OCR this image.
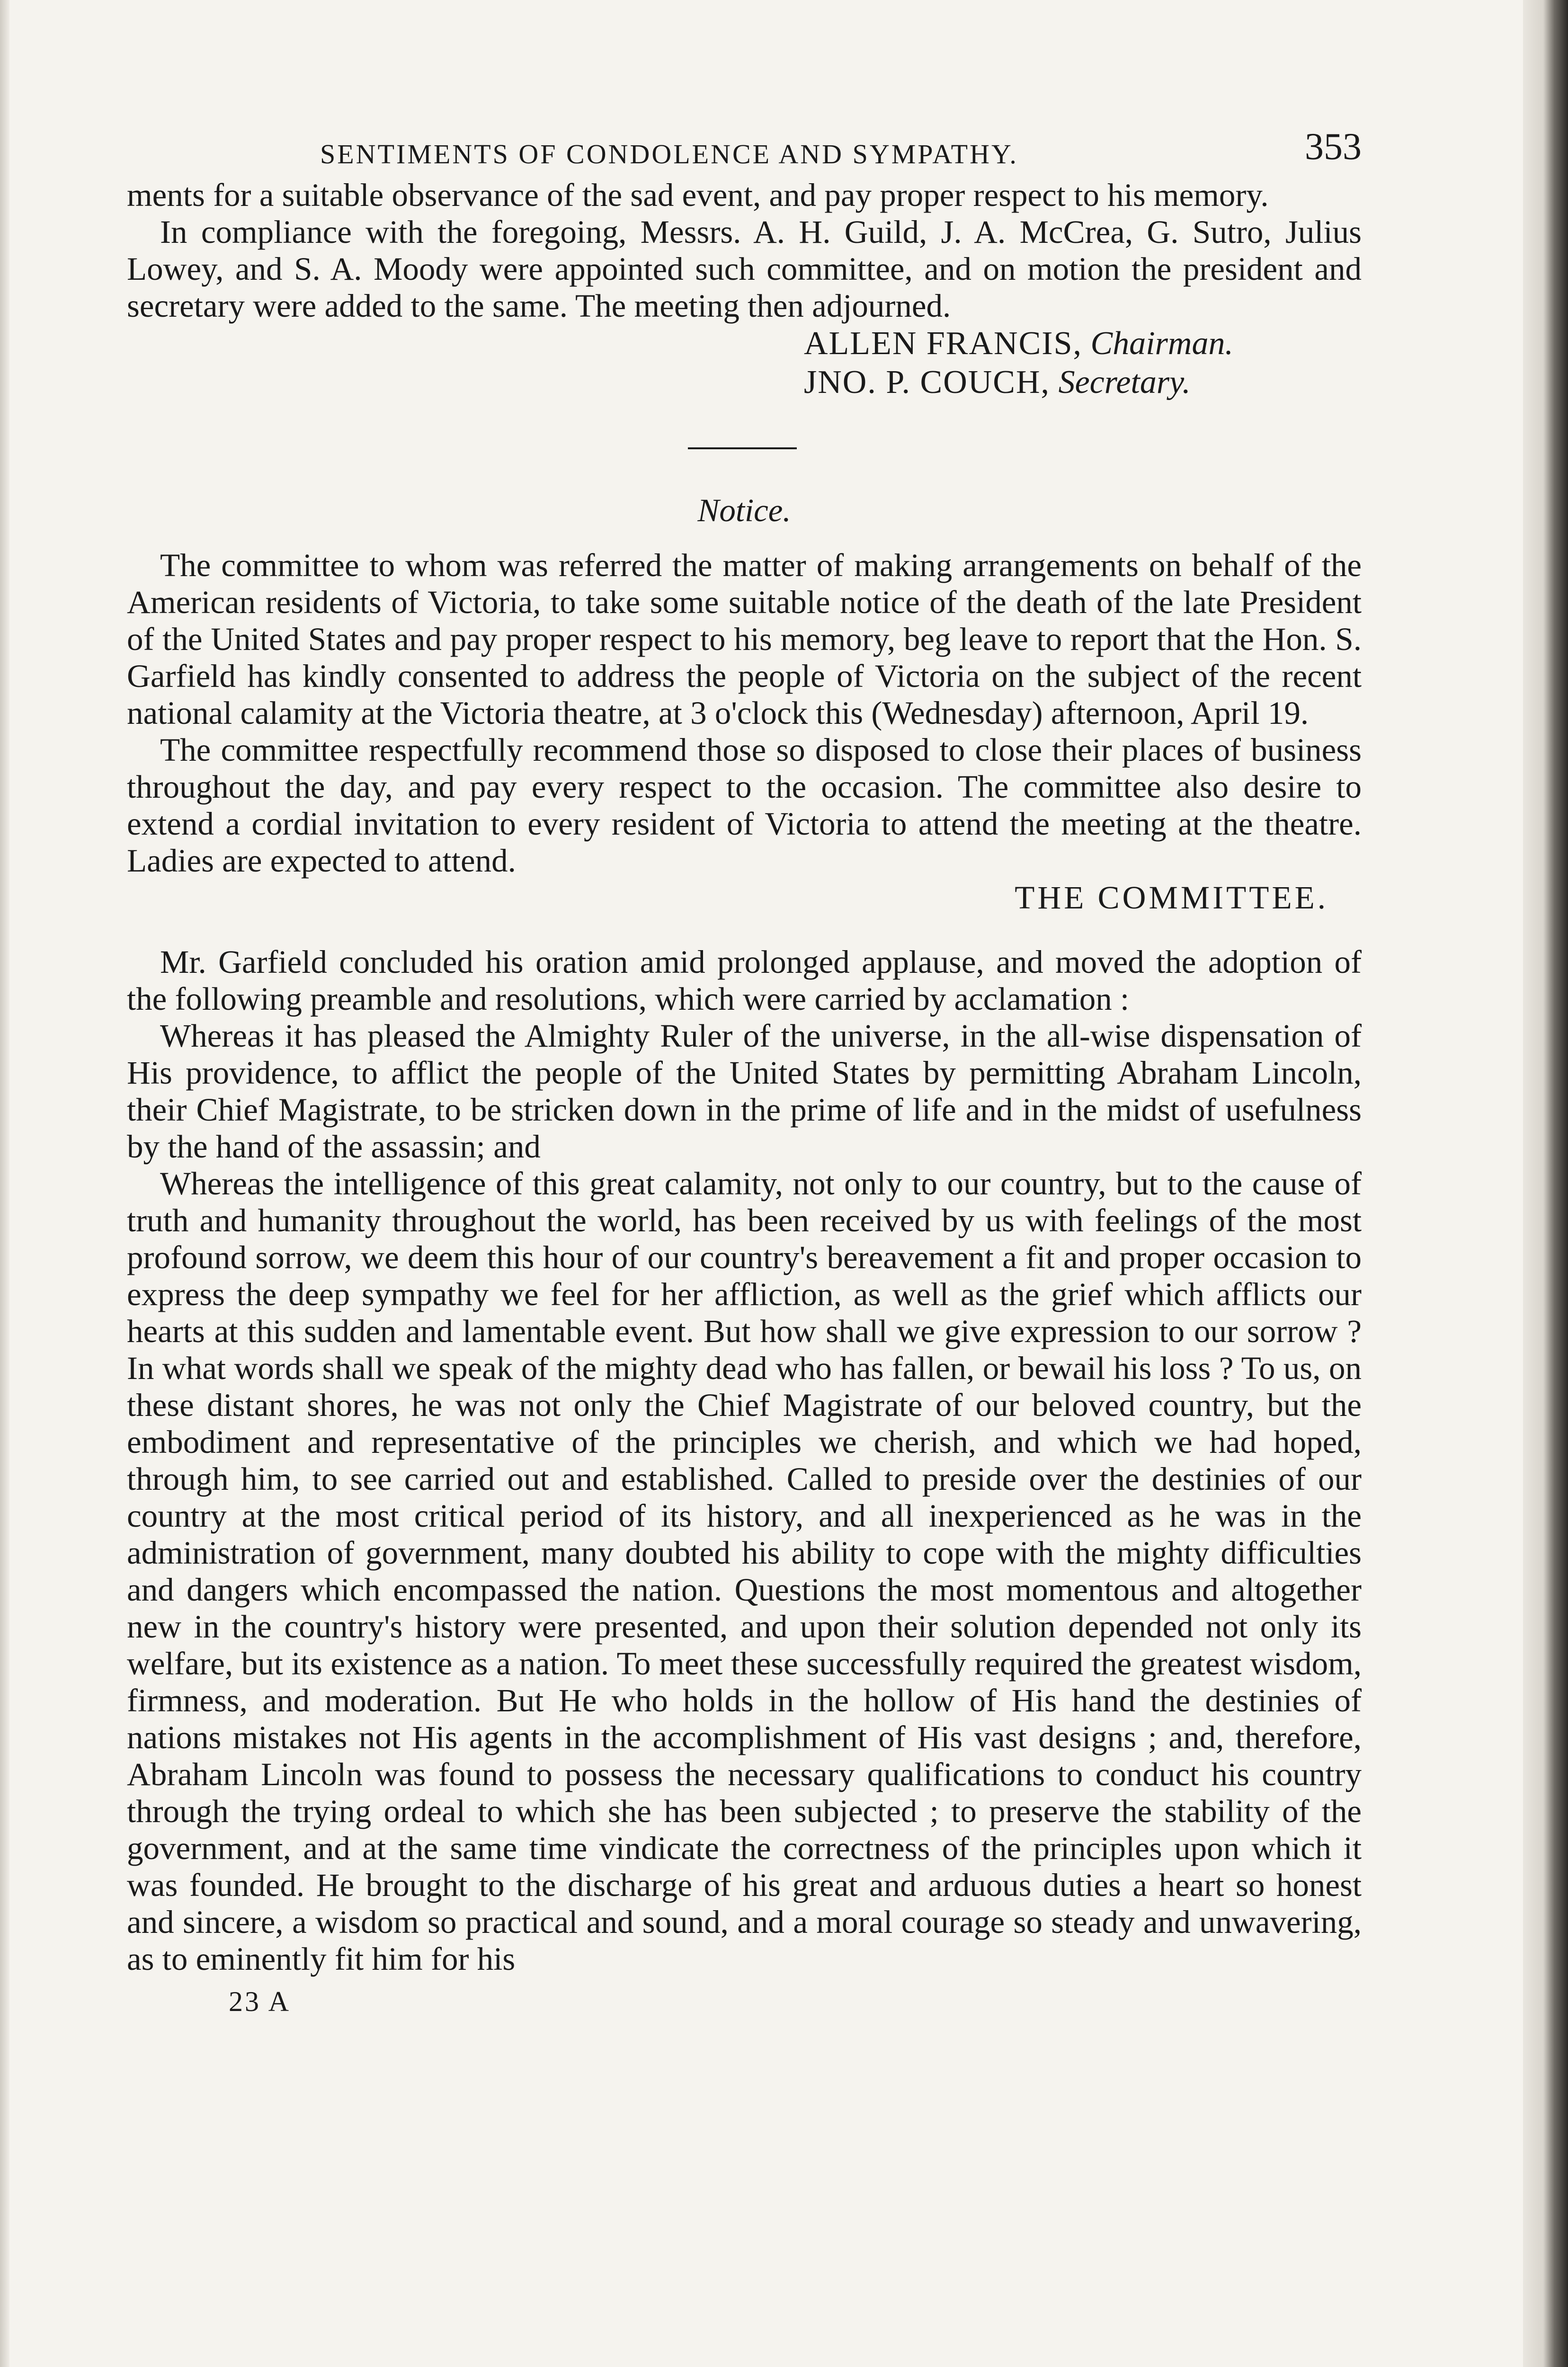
SENTIMENTS OF CONDOLENCE AND SYMPATHY.	353

ments for a suitable observance of the sad event, and pay proper respect to his memory.

In compliance with the foregoing, Messrs. A. H. Guild, J. A. McCrea, G. Sutro, Julius Lowey, and S. A. Moody were appointed such committee, and on motion the president and secretary were added to the same. The meeting then adjourned.

ALLEN FRANCIS, Chairman.
JNO. P. COUCH, Secretary.
Notice.

The committee to whom was referred the matter of making arrangements on behalf of the American residents of Victoria, to take some suitable notice of the death of the late President of the United States and pay proper respect to his memory, beg leave to report that the Hon. S. Garfield has kindly consented to address the people of Victoria on the subject of the recent national calamity at the Victoria theatre, at 3 o'clock this (Wednesday) afternoon, April 19.

The committee respectfully recommend those so disposed to close their places of business throughout the day, and pay every respect to the occasion. The committee also desire to extend a cordial invitation to every resident of Victoria to attend the meeting at the theatre. Ladies are expected to attend.

THE COMMITTEE.

Mr. Garfield concluded his oration amid prolonged applause, and moved the adoption of the following preamble and resolutions, which were carried by acclamation :

Whereas it has pleased the Almighty Ruler of the universe, in the all-wise dispensation of His providence, to afflict the people of the United States by permitting Abraham Lincoln, their Chief Magistrate, to be stricken down in the prime of life and in the midst of usefulness by the hand of the assassin; and

Whereas the intelligence of this great calamity, not only to our country, but to the cause of truth and humanity throughout the world, has been received by us with feelings of the most profound sorrow, we deem this hour of our country's bereavement a fit and proper occasion to express the deep sympathy we feel for her affliction, as well as the grief which afflicts our hearts at this sudden and lamentable event. But how shall we give expression to our sorrow ? In what words shall we speak of the mighty dead who has fallen, or bewail his loss ? To us, on these distant shores, he was not only the Chief Magistrate of our beloved country, but the embodiment and representative of the principles we cherish, and which we had hoped, through him, to see carried out and established. Called to preside over the destinies of our country at the most critical period of its history, and all inexperienced as he was in the administration of government, many doubted his ability to cope with the mighty difficulties and dangers which encompassed the nation. Questions the most momentous and altogether new in the country's history were presented, and upon their solution depended not only its welfare, but its existence as a nation. To meet these successfully required the greatest wisdom, firmness, and moderation. But He who holds in the hollow of His hand the destinies of nations mistakes not His agents in the accomplishment of His vast designs ; and, therefore, Abraham Lincoln was found to possess the necessary qualifications to conduct his country through the trying ordeal to which she has been subjected ; to preserve the stability of the government, and at the same time vindicate the correctness of the principles upon which it was founded. He brought to the discharge of his great and arduous duties a heart so honest and sincere, a wisdom so practical and sound, and a moral courage so steady and unwavering, as to eminently fit him for his

23 A
